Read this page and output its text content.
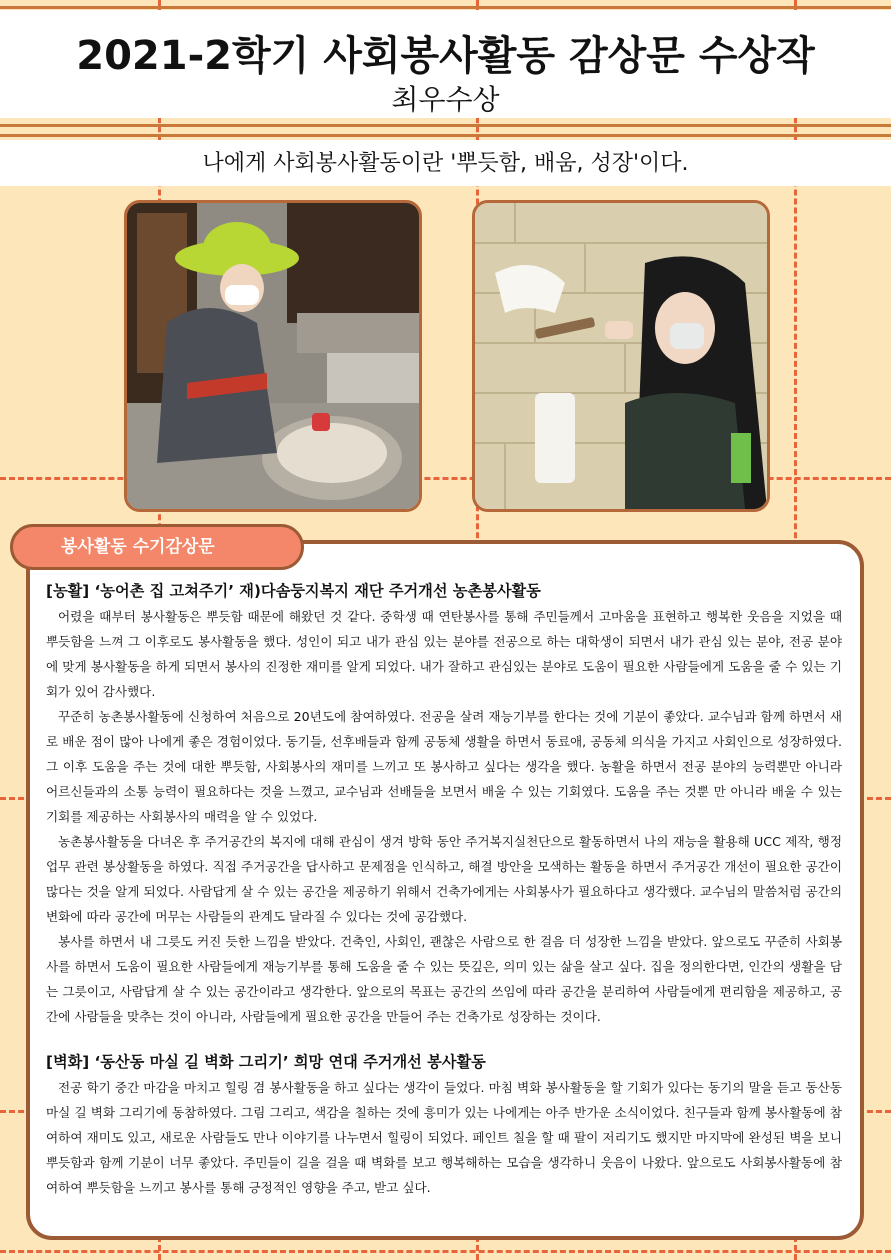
2021-2학기 사회봉사활동 감상문 수상작
최우수상
나에게 사회봉사활동이란 '뿌듯함, 배움, 성장'이다.
봉사활동 수기감상문
[농활] ‘농어촌 집 고쳐주기’ 재)다솜둥지복지 재단 주거개선 농촌봉사활동

어렸을 때부터 봉사활동은 뿌듯함 때문에 해왔던 것 같다. 중학생 때 연탄봉사를 통해 주민들께서 고마움을 표현하고 행복한 웃음을 지었을 때 뿌듯함을 느껴 그 이후로도 봉사활동을 했다. 성인이 되고 내가 관심 있는 분야를 전공으로 하는 대학생이 되면서 내가 관심 있는 분야, 전공 분야에 맞게 봉사활동을 하게 되면서 봉사의 진정한 재미를 알게 되었다. 내가 잘하고 관심있는 분야로 도움이 필요한 사람들에게 도움을 줄 수 있는 기회가 있어 감사했다.

꾸준히 농촌봉사활동에 신청하여 처음으로 20년도에 참여하였다. 전공을 살려 재능기부를 한다는 것에 기분이 좋았다. 교수님과 함께 하면서 새로 배운 점이 많아 나에게 좋은 경험이었다. 동기들, 선후배들과 함께 공동체 생활을 하면서 동료애, 공동체 의식을 가지고 사회인으로 성장하였다. 그 이후 도움을 주는 것에 대한 뿌듯함, 사회봉사의 재미를 느끼고 또 봉사하고 싶다는 생각을 했다. 농활을 하면서 전공 분야의 능력뿐만 아니라 어르신들과의 소통 능력이 필요하다는 것을 느꼈고, 교수님과 선배들을 보면서 배울 수 있는 기회였다. 도움을 주는 것뿐 만 아니라 배울 수 있는 기회를 제공하는 사회봉사의 매력을 알 수 있었다.

농촌봉사활동을 다녀온 후 주거공간의 복지에 대해 관심이 생겨 방학 동안 주거복지실천단으로 활동하면서 나의 재능을 활용해 UCC 제작, 행정 업무 관련 봉상활동을 하였다. 직접 주거공간을 답사하고 문제점을 인식하고, 해결 방안을 모색하는 활동을 하면서 주거공간 개선이 필요한 공간이 많다는 것을 알게 되었다. 사람답게 살 수 있는 공간을 제공하기 위해서 건축가에게는 사회봉사가 필요하다고 생각했다. 교수님의 말씀처럼 공간의 변화에 따라 공간에 머무는 사람들의 관계도 달라질 수 있다는 것에 공감했다.

봉사를 하면서 내 그릇도 커진 듯한 느낌을 받았다. 건축인, 사회인, 괜찮은 사람으로 한 걸음 더 성장한 느낌을 받았다. 앞으로도 꾸준히 사회봉사를 하면서 도움이 필요한 사람들에게 재능기부를 통해 도움을 줄 수 있는 뜻깊은, 의미 있는 삶을 살고 싶다. 집을 정의한다면, 인간의 생활을 담는 그릇이고, 사람답게 살 수 있는 공간이라고 생각한다. 앞으로의 목표는 공간의 쓰임에 따라 공간을 분리하여 사람들에게 편리함을 제공하고, 공간에 사람들을 맞추는 것이 아니라, 사람들에게 필요한 공간을 만들어 주는 건축가로 성장하는 것이다.

[벽화] ‘동산동 마실 길 벽화 그리기’ 희망 연대 주거개선 봉사활동

전공 학기 중간 마감을 마치고 힐링 겸 봉사활동을 하고 싶다는 생각이 들었다. 마침 벽화 봉사활동을 할 기회가 있다는 동기의 말을 듣고 동산동 마실 길 벽화 그리기에 동참하였다. 그림 그리고, 색감을 칠하는 것에 흥미가 있는 나에게는 아주 반가운 소식이었다. 친구들과 함께 봉사활동에 참여하여 재미도 있고, 새로운 사람들도 만나 이야기를 나누면서 힐링이 되었다. 페인트 칠을 할 때 팔이 저리기도 했지만 마지막에 완성된 벽을 보니 뿌듯함과 함께 기분이 너무 좋았다. 주민들이 길을 걸을 때 벽화를 보고 행복해하는 모습을 생각하니 웃음이 나왔다. 앞으로도 사회봉사활동에 참여하여 뿌듯함을 느끼고 봉사를 통해 긍정적인 영향을 주고, 받고 싶다.
